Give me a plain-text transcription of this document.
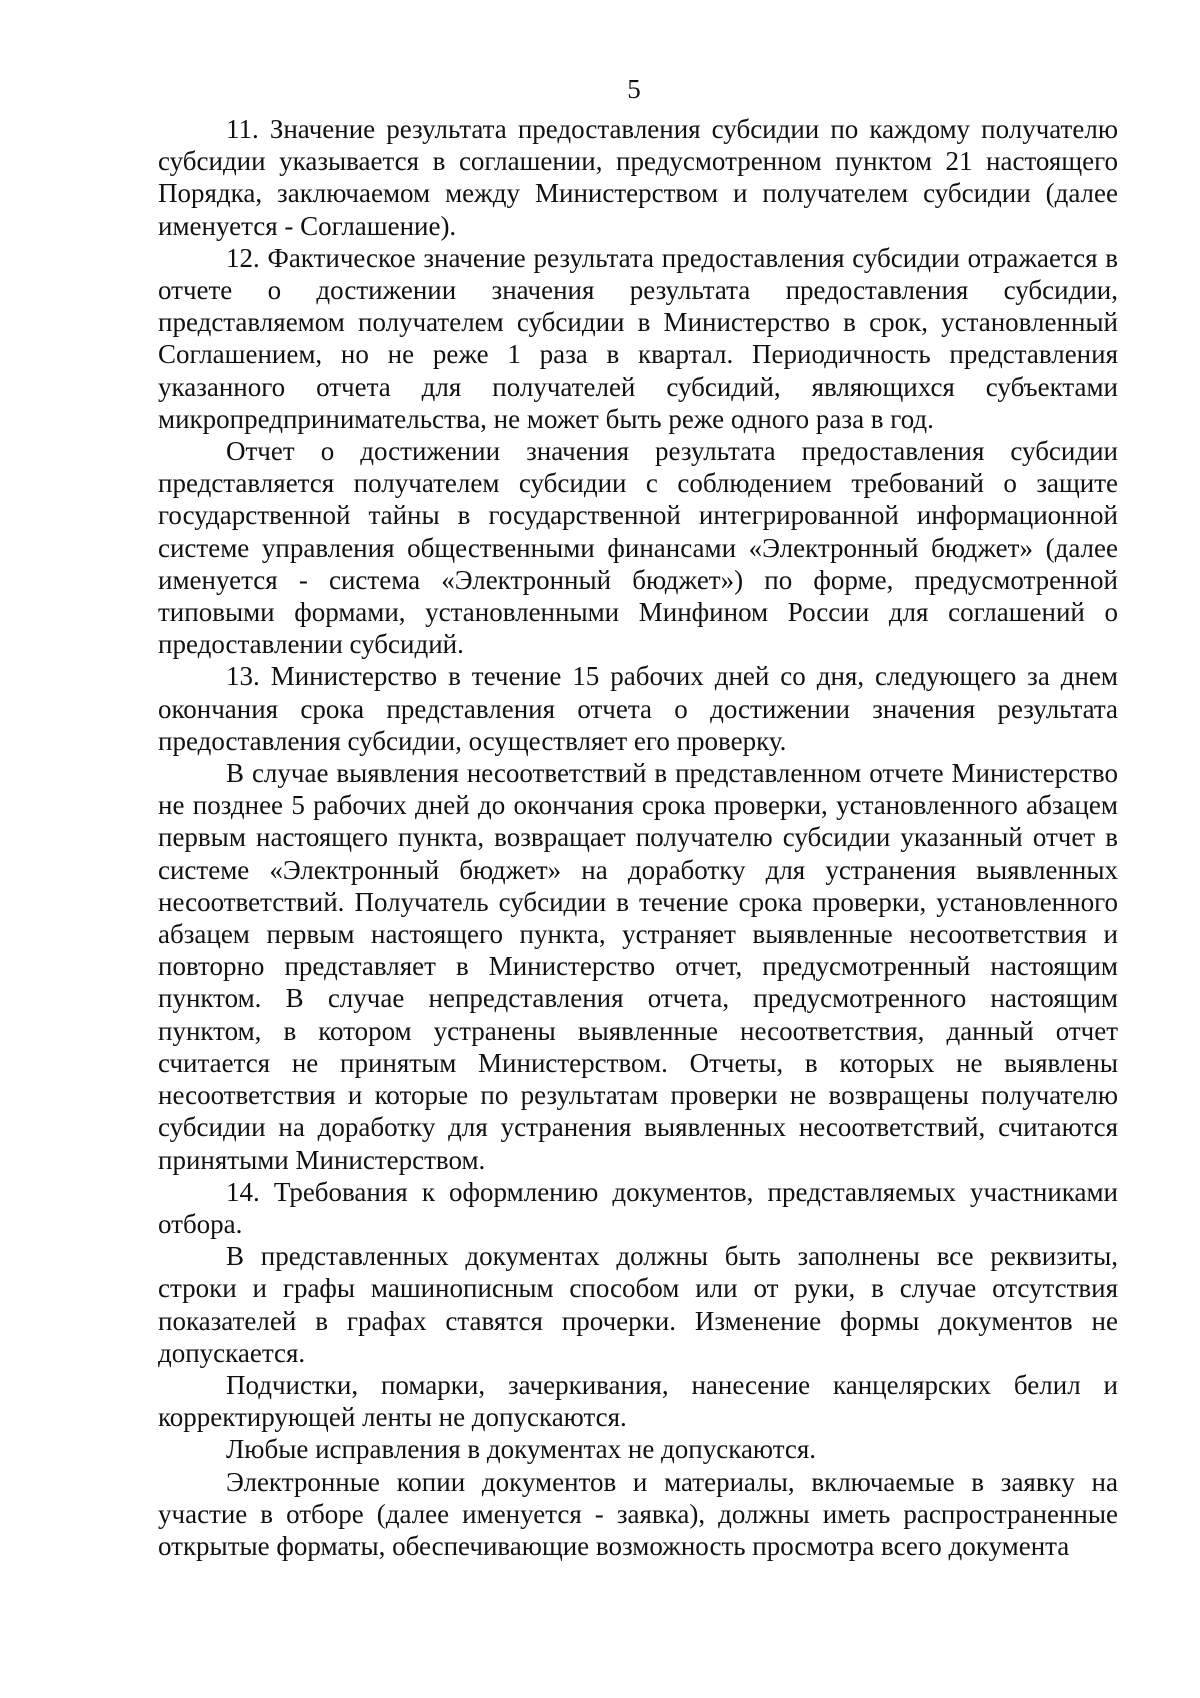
5

11. Значение результата предоставления субсидии по каждому получателю субсидии указывается в соглашении, предусмотренном пунктом 21 настоящего Порядка, заключаемом между Министерством и получателем субсидии (далее именуется - Соглашение).

12. Фактическое значение результата предоставления субсидии отражается в отчете о достижении значения результата предоставления субсидии, представляемом получателем субсидии в Министерство в срок, установленный Соглашением, но не реже 1 раза в квартал. Периодичность представления указанного отчета для получателей субсидий, являющихся субъектами микропредпринимательства, не может быть реже одного раза в год.

Отчет о достижении значения результата предоставления субсидии представляется получателем субсидии с соблюдением требований о защите государственной тайны в государственной интегрированной информационной системе управления общественными финансами «Электронный бюджет» (далее именуется - система «Электронный бюджет») по форме, предусмотренной типовыми формами, установленными Минфином России для соглашений о предоставлении субсидий.

13. Министерство в течение 15 рабочих дней со дня, следующего за днем окончания срока представления отчета о достижении значения результата предоставления субсидии, осуществляет его проверку.

В случае выявления несоответствий в представленном отчете Министерство не позднее 5 рабочих дней до окончания срока проверки, установленного абзацем первым настоящего пункта, возвращает получателю субсидии указанный отчет в системе «Электронный бюджет» на доработку для устранения выявленных несоответствий. Получатель субсидии в течение срока проверки, установленного абзацем первым настоящего пункта, устраняет выявленные несоответствия и повторно представляет в Министерство отчет, предусмотренный настоящим пунктом. В случае непредставления отчета, предусмотренного настоящим пунктом, в котором устранены выявленные несоответствия, данный отчет считается не принятым Министерством. Отчеты, в которых не выявлены несоответствия и которые по результатам проверки не возвращены получателю субсидии на доработку для устранения выявленных несоответствий, считаются принятыми Министерством.

14. Требования к оформлению документов, представляемых участниками отбора.

В представленных документах должны быть заполнены все реквизиты, строки и графы машинописным способом или от руки, в случае отсутствия показателей в графах ставятся прочерки. Изменение формы документов не допускается.

Подчистки, помарки, зачеркивания, нанесение канцелярских белил и корректирующей ленты не допускаются.

Любые исправления в документах не допускаются.

Электронные копии документов и материалы, включаемые в заявку на участие в отборе (далее именуется - заявка), должны иметь распространенные открытые форматы, обеспечивающие возможность просмотра всего документа
